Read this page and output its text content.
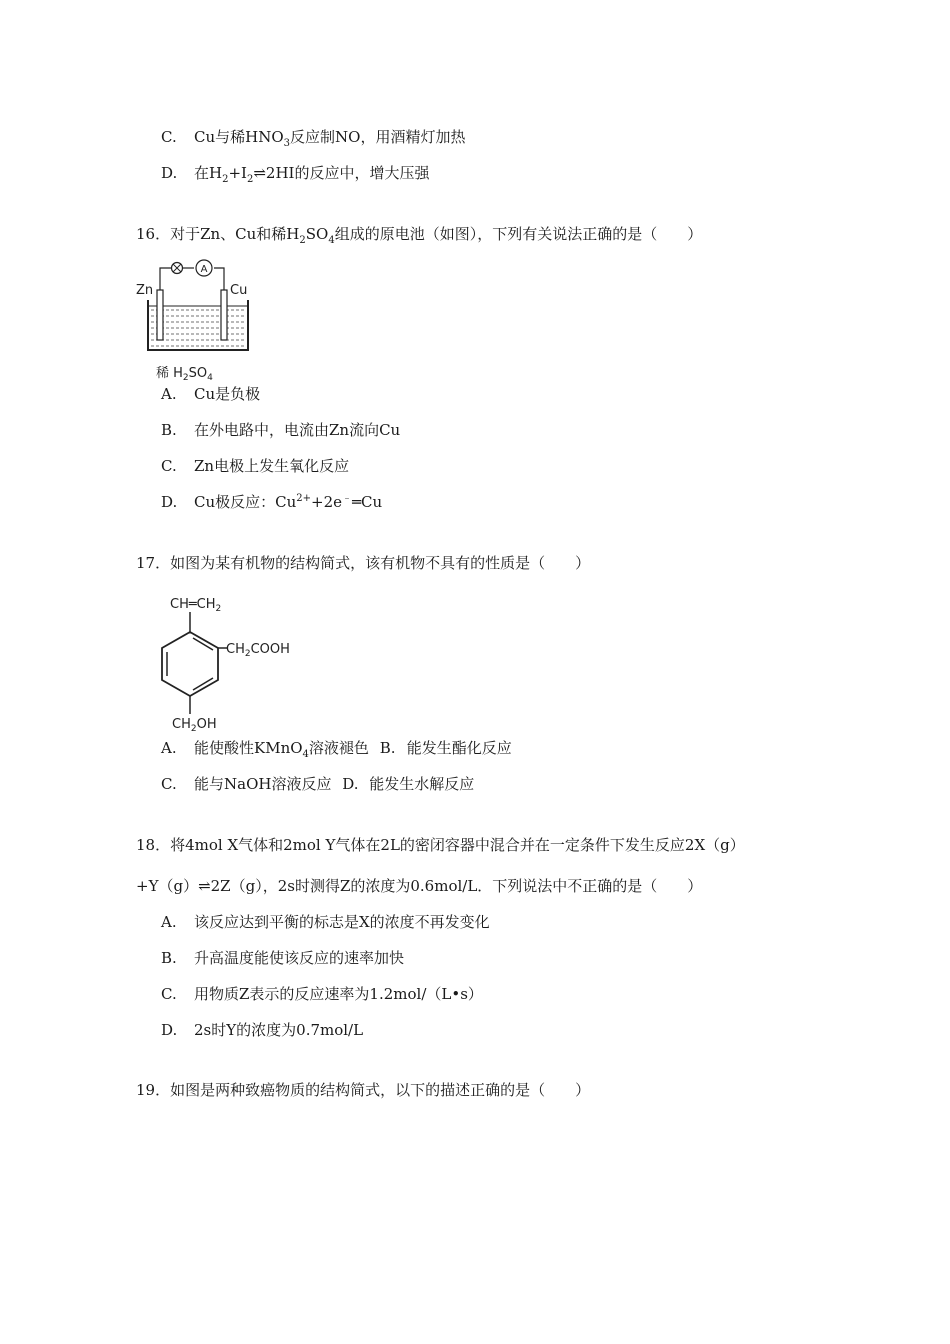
C. Cu与稀$HNO_3$反应制NO，用酒精灯加热
D. 在$H_2+I_2\rightleftharpoons 2HI$的反应中，增大压强
16．对于Zn、Cu和稀$H_2SO_4$组成的原电池（如图），下列有关说法正确的是（　　）
A
Zn	Cu
稀 $H_2SO_4$
A. Cu是负极
B. 在外电路中，电流由Zn流向Cu
C. Zn电极上发生氧化反应
D. Cu极反应：$Cu^{2+}+2e^﹣═Cu$
17．如图为某有机物的结构简式，该有机物不具有的性质是（　　）
$CH═CH_2$
$CH_2COOH$
$CH_2OH$
A. 能使酸性KMnO$_4$溶液褪色 B. 能发生酯化反应
C. 能与NaOH溶液反应 D. 能发生水解反应
18．将4mol X气体和2mol Y气体在2L的密闭容器中混合并在一定条件下发生反应2X（g）
+Y（g）⇌2Z（g），2s时测得Z的浓度为0.6mol/L．下列说法中不正确的是（　　）
A. 该反应达到平衡的标志是X的浓度不再发变化
B. 升高温度能使该反应的速率加快
C. 用物质Z表示的反应速率为1.2mol/（L•s）
D. 2s时Y的浓度为0.7mol/L
19．如图是两种致癌物质的结构简式，以下的描述正确的是（　　）
